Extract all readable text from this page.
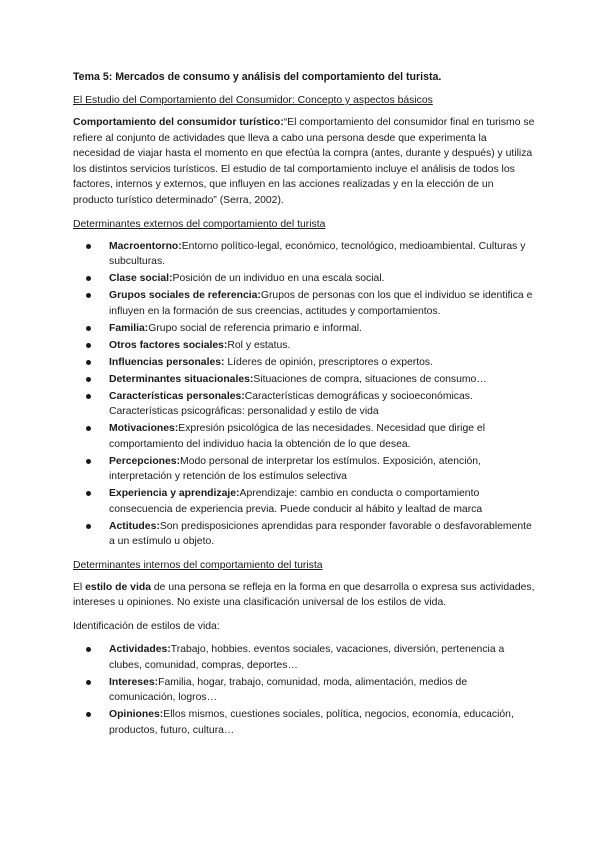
Tema 5: Mercados de consumo y análisis del comportamiento del turista.

El Estudio del Comportamiento del Consumidor: Concepto y aspectos básicos

Comportamiento del consumidor turístico:“El comportamiento del consumidor final en turismo se refiere al conjunto de actividades que lleva a cabo una persona desde que experimenta la necesidad de viajar hasta el momento en que efectúa la compra (antes, durante y después) y utiliza los distintos servicios turísticos. El estudio de tal comportamiento incluye el análisis de todos los factores, internos y externos, que influyen en las acciones realizadas y en la elección de un producto turístico determinado” (Serra, 2002).

Determinantes externos del comportamiento del turista

Macroentorno:Entorno político-legal, económico, tecnológico, medioambiental. Culturas y subculturas.
Clase social:Posición de un individuo en una escala social.
Grupos sociales de referencia:Grupos de personas con los que el individuo se identifica e influyen en la formación de sus creencias, actitudes y comportamientos.
Familia:Grupo social de referencia primario e informal.
Otros factores sociales:Rol y estatus.
Influencias personales: Líderes de opinión, prescriptores o expertos.
Determinantes situacionales:Situaciones de compra, situaciones de consumo…
Características personales:Características demográficas y socioeconómicas. Características psicográficas: personalidad y estilo de vida
Motivaciones:Expresión psicológica de las necesidades. Necesidad que dirige el comportamiento del individuo hacia la obtención de lo que desea.
Percepciones:Modo personal de interpretar los estímulos. Exposición, atención, interpretación y retención de los estímulos selectiva
Experiencia y aprendizaje:Aprendizaje: cambio en conducta o comportamiento consecuencia de experiencia previa. Puede conducir al hábito y lealtad de marca
Actitudes:Son predisposiciones aprendidas para responder favorable o desfavorablemente a un estímulo u objeto.

Determinantes internos del comportamiento del turista

El estilo de vida de una persona se refleja en la forma en que desarrolla o expresa sus actividades, intereses u opiniones. No existe una clasificación universal de los estilos de vida.

Identificación de estilos de vida:

Actividades:Trabajo, hobbies. eventos sociales, vacaciones, diversión, pertenencia a clubes, comunidad, compras, deportes…
Intereses:Familia, hogar, trabajo, comunidad, moda, alimentación, medios de comunicación, logros…
Opiniones:Ellos mismos, cuestiones sociales, política, negocios, economía, educación, productos, futuro, cultura…
